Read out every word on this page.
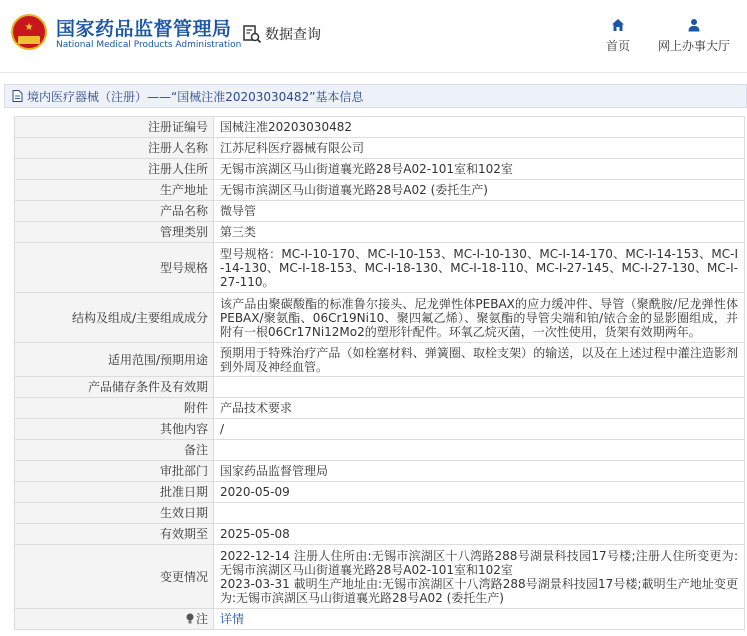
★ 国家药品监督管理局
National Medical Products Administration
数据查询
首页	网上办事大厅
境内医疗器械（注册）——“国械注准20203030482”基本信息
注册证编号	国械注准20203030482
注册人名称	江苏尼科医疗器械有限公司
注册人住所	无锡市滨湖区马山街道襄光路28号A02-101室和102室
生产地址	无锡市滨湖区马山街道襄光路28号A02 (委托生产)
产品名称	微导管
管理类别	第三类
型号规格	型号规格：MC-I-10-170、MC-I-10-153、MC-I-10-130、MC-I-14-170、MC-I-14-153、MC-I-14-130、MC-I-18-153、MC-I-18-130、MC-I-18-110、MC-I-27-145、MC-I-27-130、MC-I-27-110。
结构及组成/主要组成成分	该产品由聚碳酸酯的标准鲁尔接头、尼龙弹性体PEBAX的应力缓冲件、导管（聚酰胺/尼龙弹性体PEBAX/聚氨酯、06Cr19Ni10、聚四氟乙烯）、聚氨酯的导管尖端和铂/铱合金的显影圈组成，并附有一根06Cr17Ni12Mo2的塑形针配件。环氧乙烷灭菌，一次性使用，货架有效期两年。
适用范围/预期用途	预期用于特殊治疗产品（如栓塞材料、弹簧圈、取栓支架）的输送，以及在上述过程中灌注造影剂到外周及神经血管。
产品储存条件及有效期	
附件	产品技术要求
其他内容	/
备注	
审批部门	国家药品监督管理局
批准日期	2020-05-09
生效日期	
有效期至	2025-05-08
变更情况	2022-12-14 注册人住所由:无锡市滨湖区十八湾路288号湖景科技园17号楼;注册人住所变更为:无锡市滨湖区马山街道襄光路28号A02-101室和102室
2023-03-31 載明生产地址由:无锡市滨湖区十八湾路288号湖景科技园17号楼;載明生产地址变更为:无锡市滨湖区马山街道襄光路28号A02 (委托生产)
注	详情
